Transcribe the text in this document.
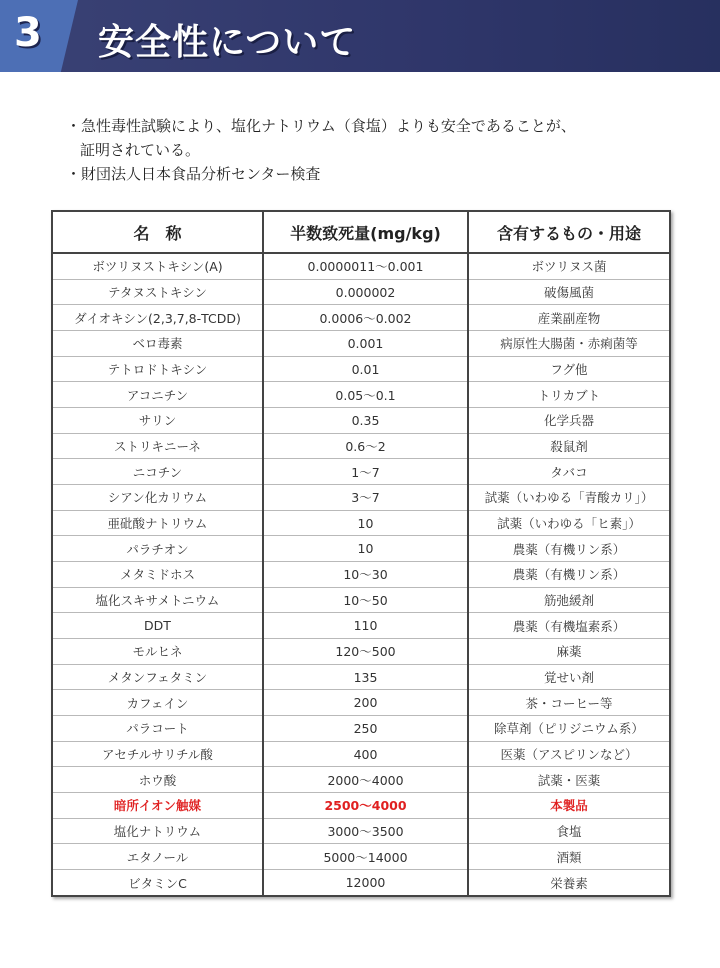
3 安全性について
・急性毒性試験により、塩化ナトリウム（食塩）よりも安全であることが、
証明されている。
・財団法人日本食品分析センター検査
名　称	半数致死量(mg/kg)	含有するもの・用途
ボツリヌストキシン(A)	0.0000011〜0.001	ボツリヌス菌
テタヌストキシン	0.000002	破傷風菌
ダイオキシン(2,3,7,8-TCDD)	0.0006〜0.002	産業副産物
ベロ毒素	0.001	病原性大腸菌・赤痢菌等
テトロドトキシン	0.01	フグ他
アコニチン	0.05〜0.1	トリカブト
サリン	0.35	化学兵器
ストリキニーネ	0.6〜2	殺鼠剤
ニコチン	1〜7	タバコ
シアン化カリウム	3〜7	試薬（いわゆる「青酸カリ」）
亜砒酸ナトリウム	10	試薬（いわゆる「ヒ素」）
パラチオン	10	農薬（有機リン系）
メタミドホス	10〜30	農薬（有機リン系）
塩化スキサメトニウム	10〜50	筋弛緩剤
DDT	110	農薬（有機塩素系）
モルヒネ	120〜500	麻薬
メタンフェタミン	135	覚せい剤
カフェイン	200	茶・コーヒー等
パラコート	250	除草剤（ピリジニウム系）
アセチルサリチル酸	400	医薬（アスピリンなど）
ホウ酸	2000〜4000	試薬・医薬
暗所イオン触媒	2500〜4000	本製品
塩化ナトリウム	3000〜3500	食塩
エタノール	5000〜14000	酒類
ビタミンC	12000	栄養素
